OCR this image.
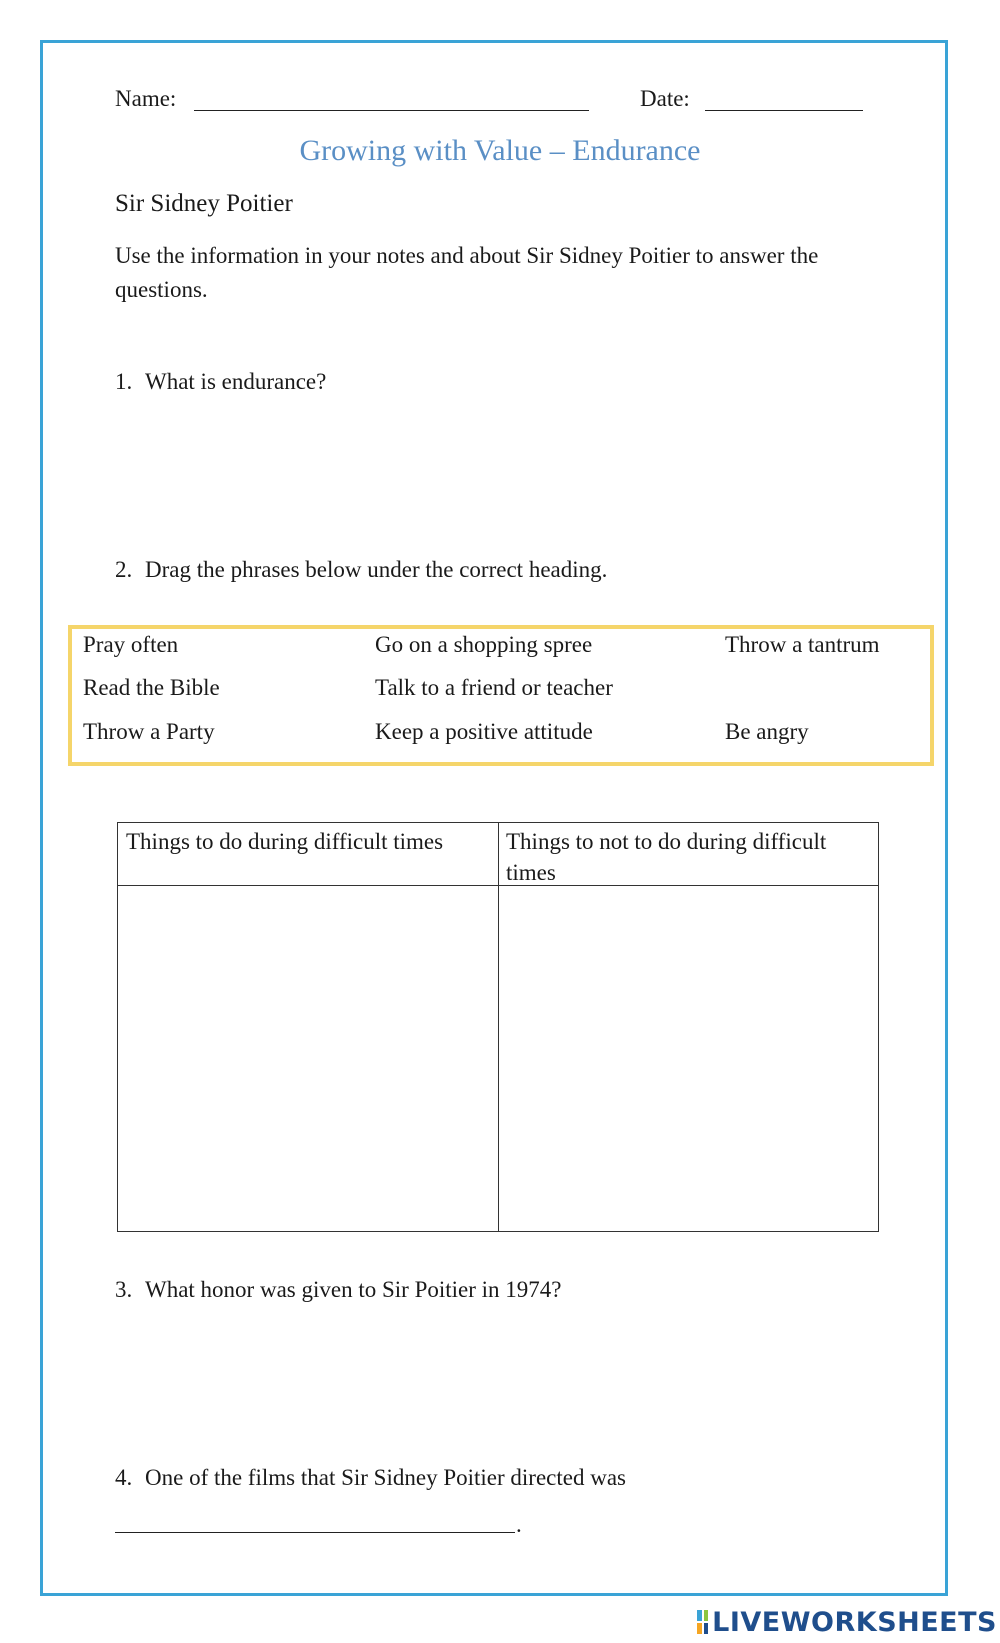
Name:	Date:
Growing with Value – Endurance
Sir Sidney Poitier
Use the information in your notes and about Sir Sidney Poitier to answer the questions.
1. What is endurance?
2. Drag the phrases below under the correct heading.
Pray often	Go on a shopping spree	Throw a tantrum
Read the Bible	Talk to a friend or teacher
Throw a Party	Keep a positive attitude	Be angry
Things to do during difficult times	Things to not to do during difficult times
3. What honor was given to Sir Poitier in 1974?
4. One of the films that Sir Sidney Poitier directed was
.
LIVEWORKSHEETS
